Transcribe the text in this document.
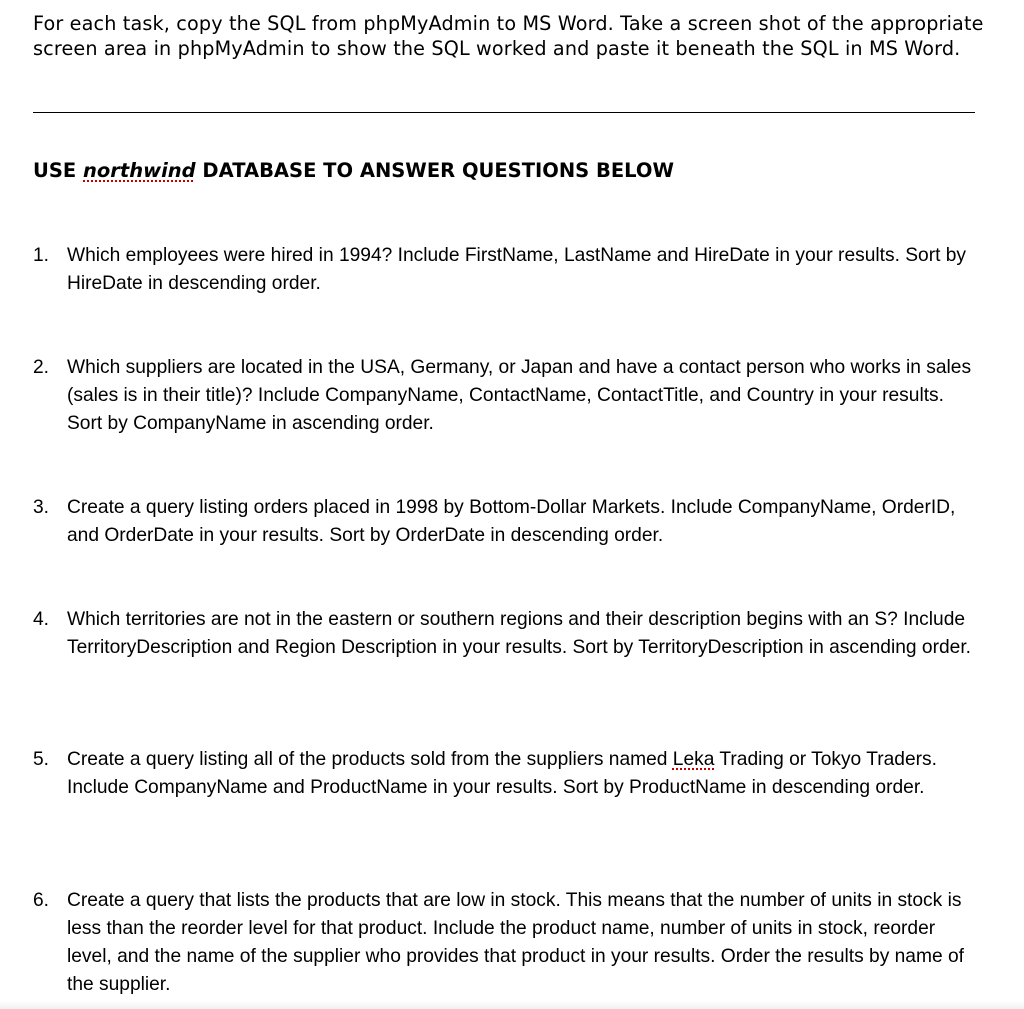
For each task, copy the SQL from phpMyAdmin to MS Word. Take a screen shot of the appropriate screen area in phpMyAdmin to show the SQL worked and paste it beneath the SQL in MS Word.

USE northwind DATABASE TO ANSWER QUESTIONS BELOW
1. Which employees were hired in 1994? Include FirstName, LastName and HireDate in your results. Sort by HireDate in descending order.
2. Which suppliers are located in the USA, Germany, or Japan and have a contact person who works in sales (sales is in their title)? Include CompanyName, ContactName, ContactTitle, and Country in your results. Sort by CompanyName in ascending order.
3. Create a query listing orders placed in 1998 by Bottom-Dollar Markets. Include CompanyName, OrderID, and OrderDate in your results. Sort by OrderDate in descending order.
4. Which territories are not in the eastern or southern regions and their description begins with an S? Include TerritoryDescription and Region Description in your results. Sort by TerritoryDescription in ascending order.
5. Create a query listing all of the products sold from the suppliers named Leka Trading or Tokyo Traders. Include CompanyName and ProductName in your results. Sort by ProductName in descending order.
6. Create a query that lists the products that are low in stock. This means that the number of units in stock is less than the reorder level for that product. Include the product name, number of units in stock, reorder level, and the name of the supplier who provides that product in your results. Order the results by name of the supplier.
